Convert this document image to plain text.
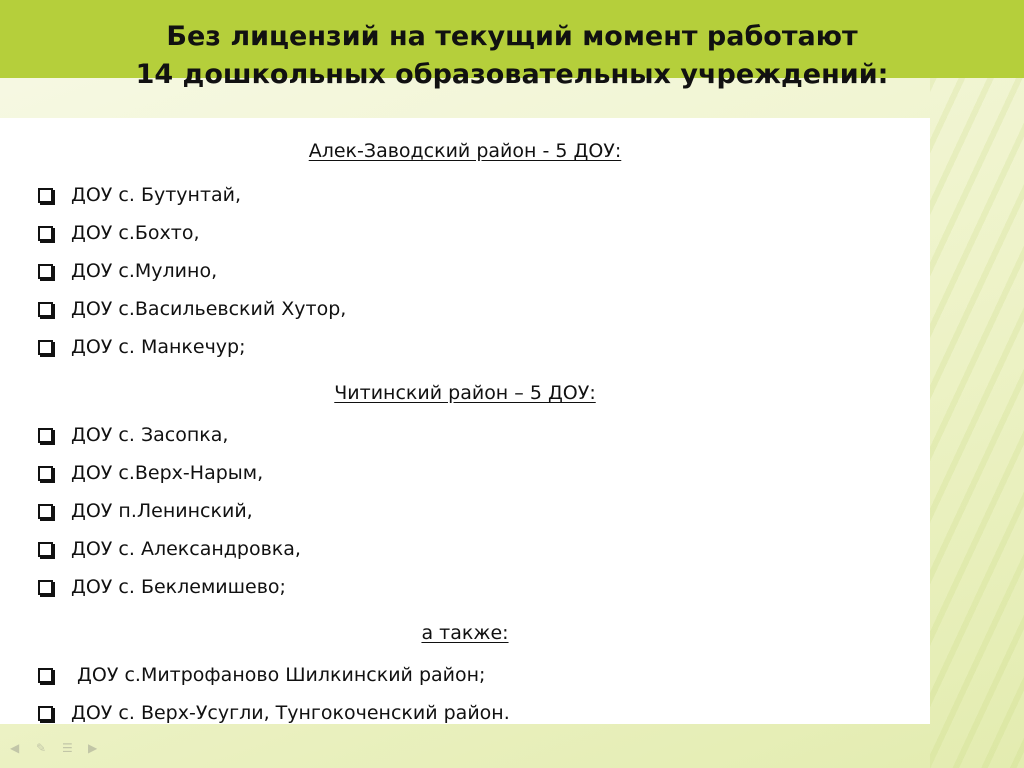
Без лицензий на текущий момент работают
14 дошкольных образовательных учреждений:
Алек-Заводский район - 5 ДОУ:
ДОУ с. Бутунтай,
ДОУ с.Бохто,
ДОУ с.Мулино,
ДОУ с.Васильевский Хутор,
ДОУ с. Манкечур;
Читинский район – 5 ДОУ:
ДОУ с. Засопка,
ДОУ с.Верх-Нарым,
ДОУ п.Ленинский,
ДОУ с. Александровка,
ДОУ с. Беклемишево;
а также:
ДОУ с.Митрофаново Шилкинский район;
ДОУ с. Верх-Усугли, Тунгокоченский район.
◀	✎	☰	▶
